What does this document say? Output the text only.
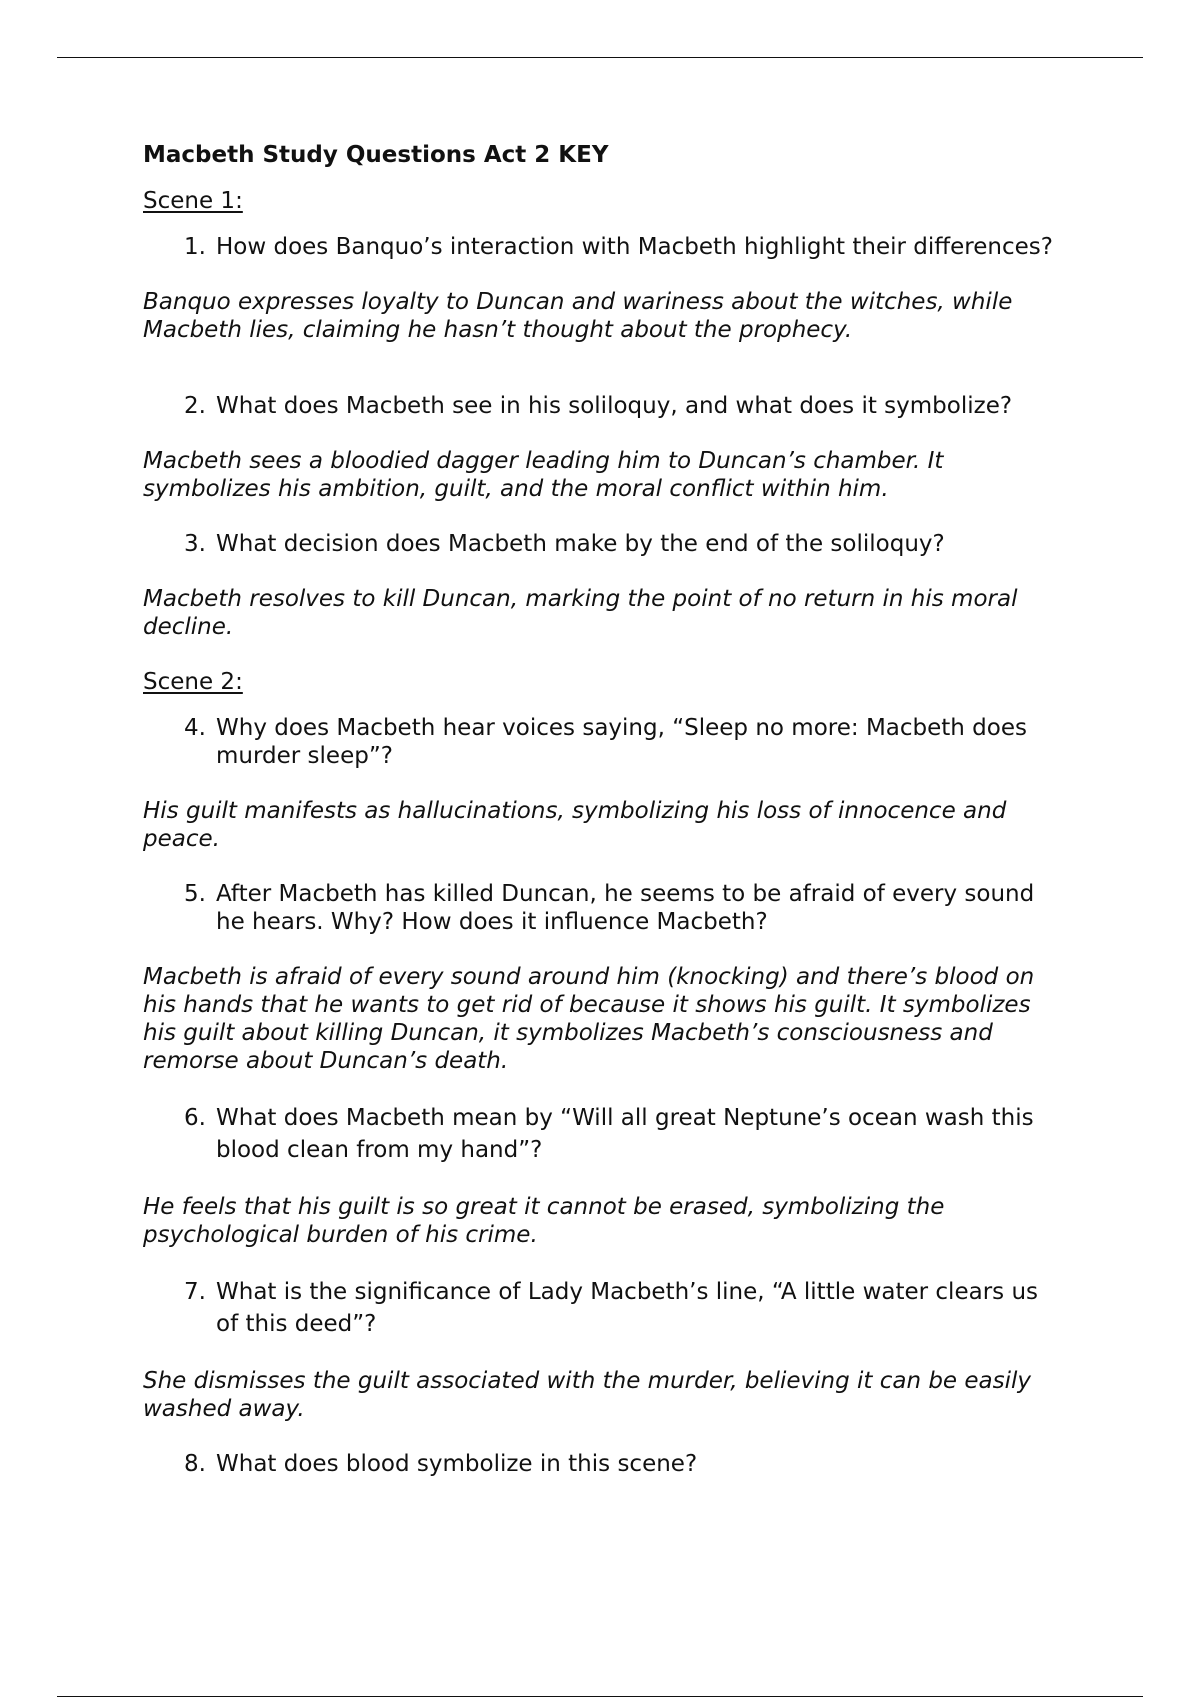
Macbeth Study Questions Act 2 KEY
Scene 1:
1. How does Banquo’s interaction with Macbeth highlight their differences?
Banquo expresses loyalty to Duncan and wariness about the witches, while Macbeth lies, claiming he hasn’t thought about the prophecy.
2. What does Macbeth see in his soliloquy, and what does it symbolize?
Macbeth sees a bloodied dagger leading him to Duncan’s chamber. It symbolizes his ambition, guilt, and the moral conflict within him.
3. What decision does Macbeth make by the end of the soliloquy?
Macbeth resolves to kill Duncan, marking the point of no return in his moral decline.
Scene 2:
4. Why does Macbeth hear voices saying, “Sleep no more: Macbeth does murder sleep”?
His guilt manifests as hallucinations, symbolizing his loss of innocence and peace.
5. After Macbeth has killed Duncan, he seems to be afraid of every sound he hears. Why? How does it influence Macbeth?
Macbeth is afraid of every sound around him (knocking) and there’s blood on his hands that he wants to get rid of because it shows his guilt. It symbolizes his guilt about killing Duncan, it symbolizes Macbeth’s consciousness and remorse about Duncan’s death.
6. What does Macbeth mean by “Will all great Neptune’s ocean wash this blood clean from my hand”?
He feels that his guilt is so great it cannot be erased, symbolizing the psychological burden of his crime.
7. What is the significance of Lady Macbeth’s line, “A little water clears us of this deed”?
She dismisses the guilt associated with the murder, believing it can be easily washed away.
8. What does blood symbolize in this scene?
